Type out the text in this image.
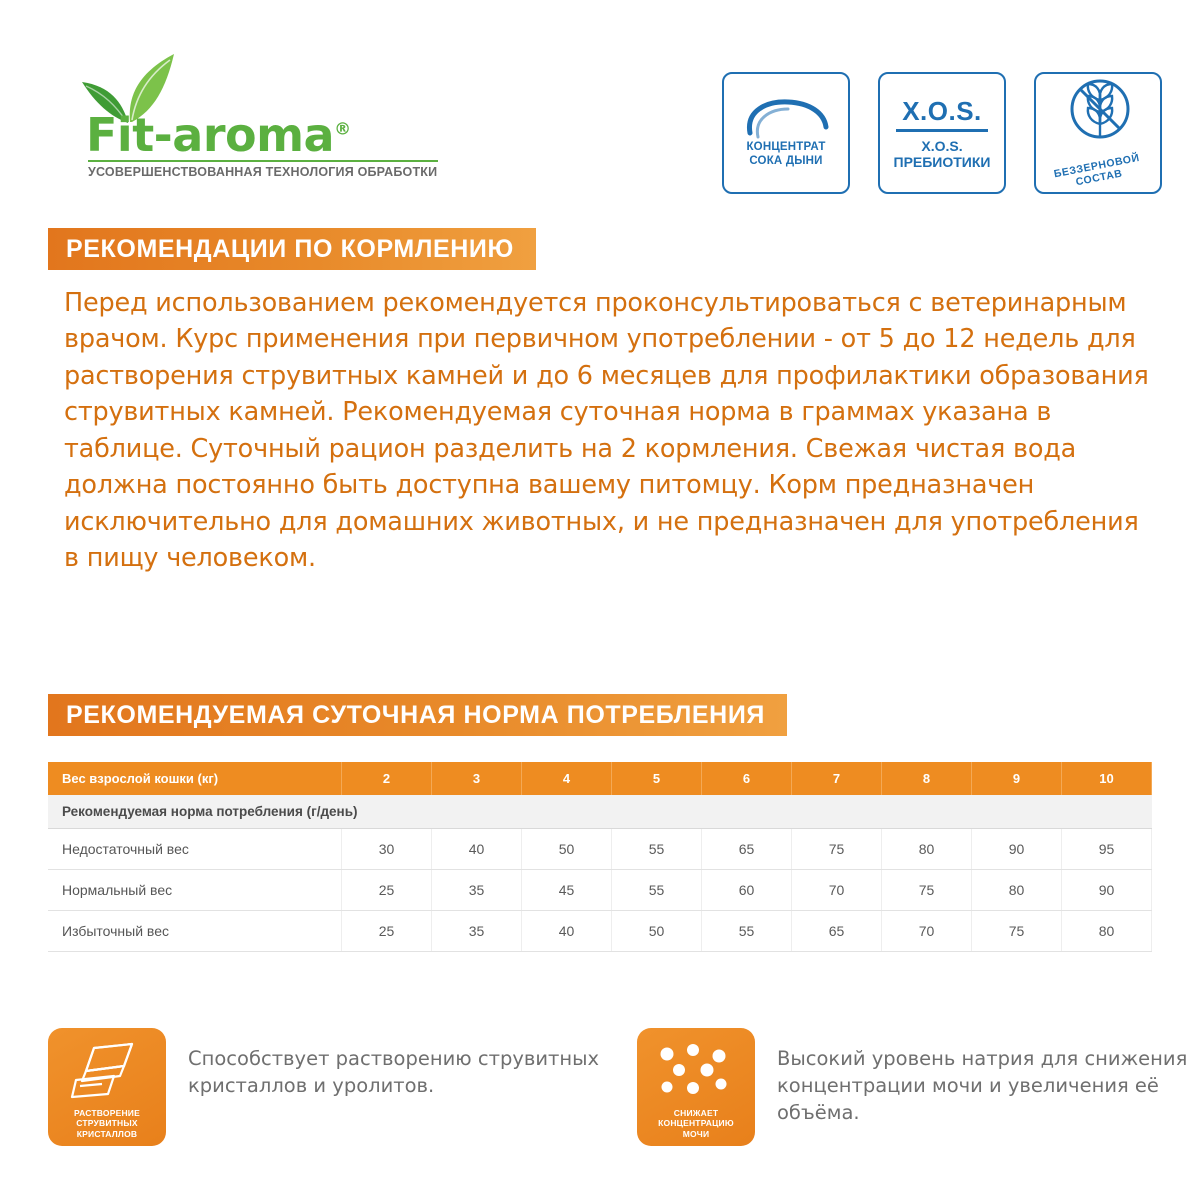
Fit-aroma®
УСОВЕРШЕНСТВОВАННАЯ ТЕХНОЛОГИЯ ОБРАБОТКИ
КОНЦЕНТРАТ
СОКА ДЫНИ
X.O.S.
X.O.S.
ПРЕБИОТИКИ	БЕЗЗЕРНОВОЙ СОСТАВ
РЕКОМЕНДАЦИИ ПО КОРМЛЕНИЮ
Перед использованием рекомендуется проконсультироваться с ветеринарным врачом. Курс применения при первичном употреблении - от 5 до 12 недель для растворения струвитных камней и до 6 месяцев для профилактики образования струвитных камней. Рекомендуемая суточная норма в граммах указана в таблице. Суточный рацион разделить на 2 кормления. Свежая чистая вода должна постоянно быть доступна вашему питомцу. Корм предназначен исключительно для домашних животных, и не предназначен для употребления в пищу человеком.
РЕКОМЕНДУЕМАЯ СУТОЧНАЯ НОРМА ПОТРЕБЛЕНИЯ
Вес взрослой кошки (кг)	2	3	4	5	6	7	8	9	10
Рекомендуемая норма потребления (г/день)									
Недостаточный вес	30	40	50	55	65	75	80	90	95
Нормальный вес	25	35	45	55	60	70	75	80	90
Избыточный вес	25	35	40	50	55	65	70	75	80
РАСТВОРЕНИЕ
СТРУВИТНЫХ
КРИСТАЛЛОВ
Способствует растворению струвитных кристаллов и уролитов.
СНИЖАЕТ
КОНЦЕНТРАЦИЮ
МОЧИ
Высокий уровень натрия для снижения концентрации мочи и увеличения её объёма.
